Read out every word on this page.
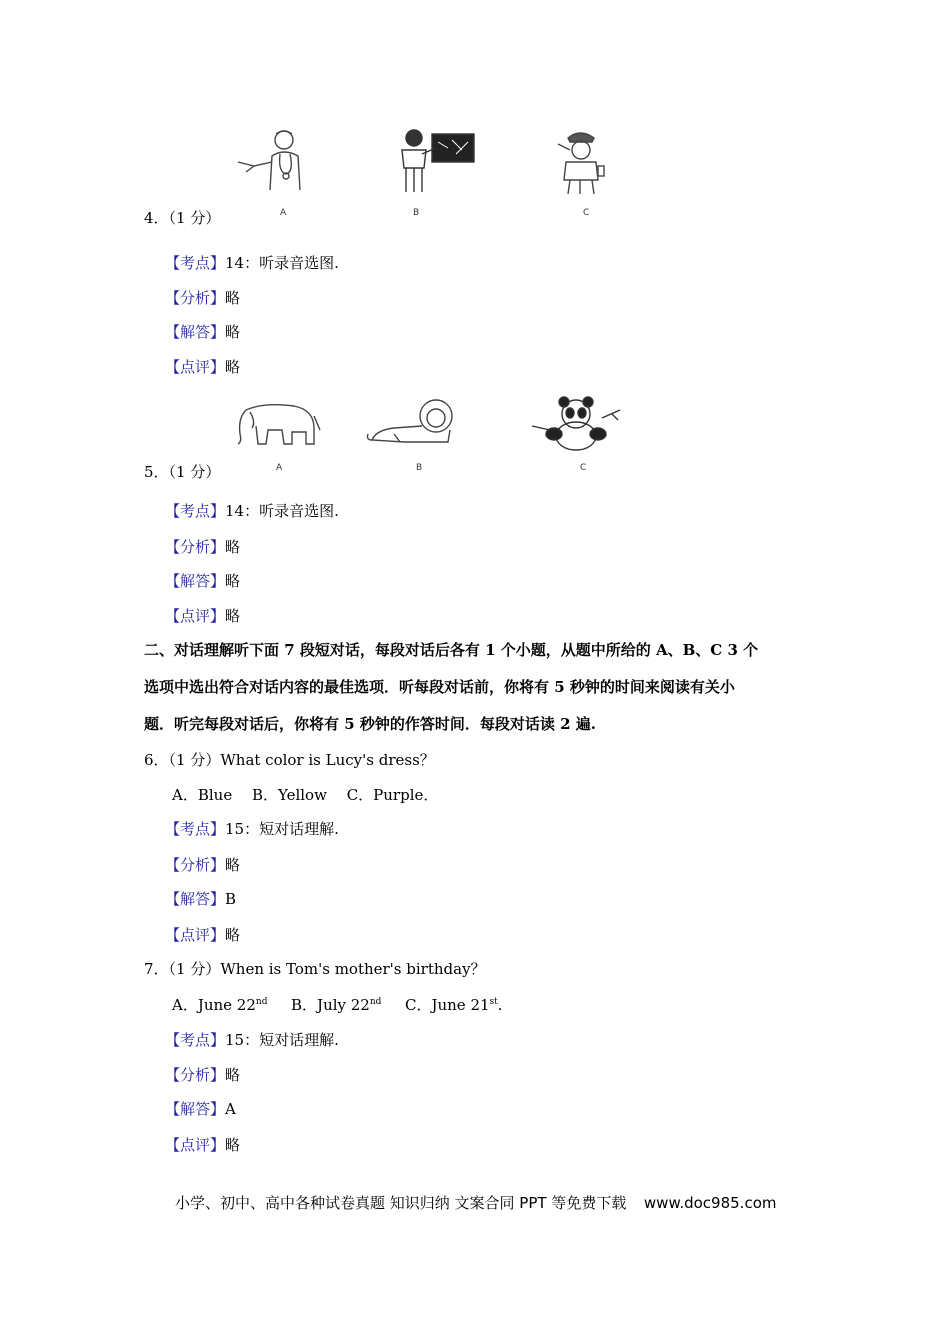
A	B	C
4．（1 分）
【考点】14：听录音选图.
【分析】略
【解答】略
【点评】略
A	B	C
5．（1 分）
【考点】14：听录音选图.
【分析】略
【解答】略
【点评】略
二、对话理解听下面 7 段短对话，每段对话后各有 1 个小题，从题中所给的 A、B、C 3 个
选项中选出符合对话内容的最佳选项．听每段对话前，你将有 5 秒钟的时间来阅读有关小
题．听完每段对话后，你将有 5 秒钟的作答时间．每段对话读 2 遍.
6．（1 分）What color is Lucy's dress？
A．Blue　 B．Yellow　 C．Purple．
【考点】15：短对话理解.
【分析】略
【解答】B
【点评】略
7．（1 分）When is Tom's mother's birthday？
A．June 22nd B．July 22nd C．June 21st.
【考点】15：短对话理解.
【分析】略
【解答】A
【点评】略
小学、初中、高中各种试卷真题 知识归纳 文案合同 PPT 等免费下载 www.doc985.com
